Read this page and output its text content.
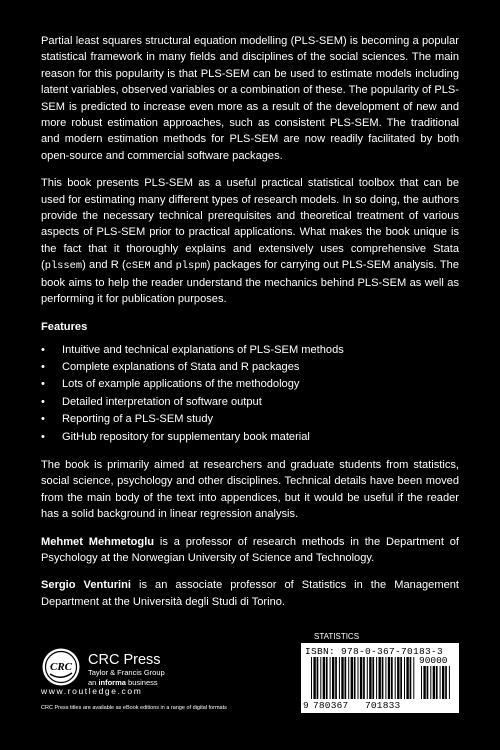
Partial least squares structural equation modelling (PLS-SEM) is becoming a popular statistical framework in many fields and disciplines of the social sciences. The main reason for this popularity is that PLS-SEM can be used to estimate models including latent variables, observed variables or a combination of these. The popularity of PLS-SEM is predicted to increase even more as a result of the development of new and more robust estimation approaches, such as consistent PLS-SEM. The traditional and modern estimation methods for PLS-SEM are now readily facilitated by both open-source and commercial software packages.

This book presents PLS-SEM as a useful practical statistical toolbox that can be used for estimating many different types of research models. In so doing, the authors provide the necessary technical prerequisites and theoretical treatment of various aspects of PLS-SEM prior to practical applications. What makes the book unique is the fact that it thoroughly explains and extensively uses comprehensive Stata (plssem) and R (cSEM and plspm) packages for carrying out PLS-SEM analysis. The book aims to help the reader understand the mechanics behind PLS-SEM as well as performing it for publication purposes.

Features
• Intuitive and technical explanations of PLS-SEM methods
• Complete explanations of Stata and R packages
• Lots of example applications of the methodology
• Detailed interpretation of software output
• Reporting of a PLS-SEM study
• GitHub repository for supplementary book material

The book is primarily aimed at researchers and graduate students from statistics, social science, psychology and other disciplines. Technical details have been moved from the main body of the text into appendices, but it would be useful if the reader has a solid background in linear regression analysis.

Mehmet Mehmetoglu is a professor of research methods in the Department of Psychology at the Norwegian University of Science and Technology.

Sergio Venturini is an associate professor of Statistics in the Management Department at the Università degli Studi di Torino.

STATISTICS
ISBN: 978-0-367-70183-3
90000
9 780367 701833
CRC CRC Press
Taylor & Francis Group
an informa business
www.routledge.com
CRC Press titles are available as eBook editions in a range of digital formats
